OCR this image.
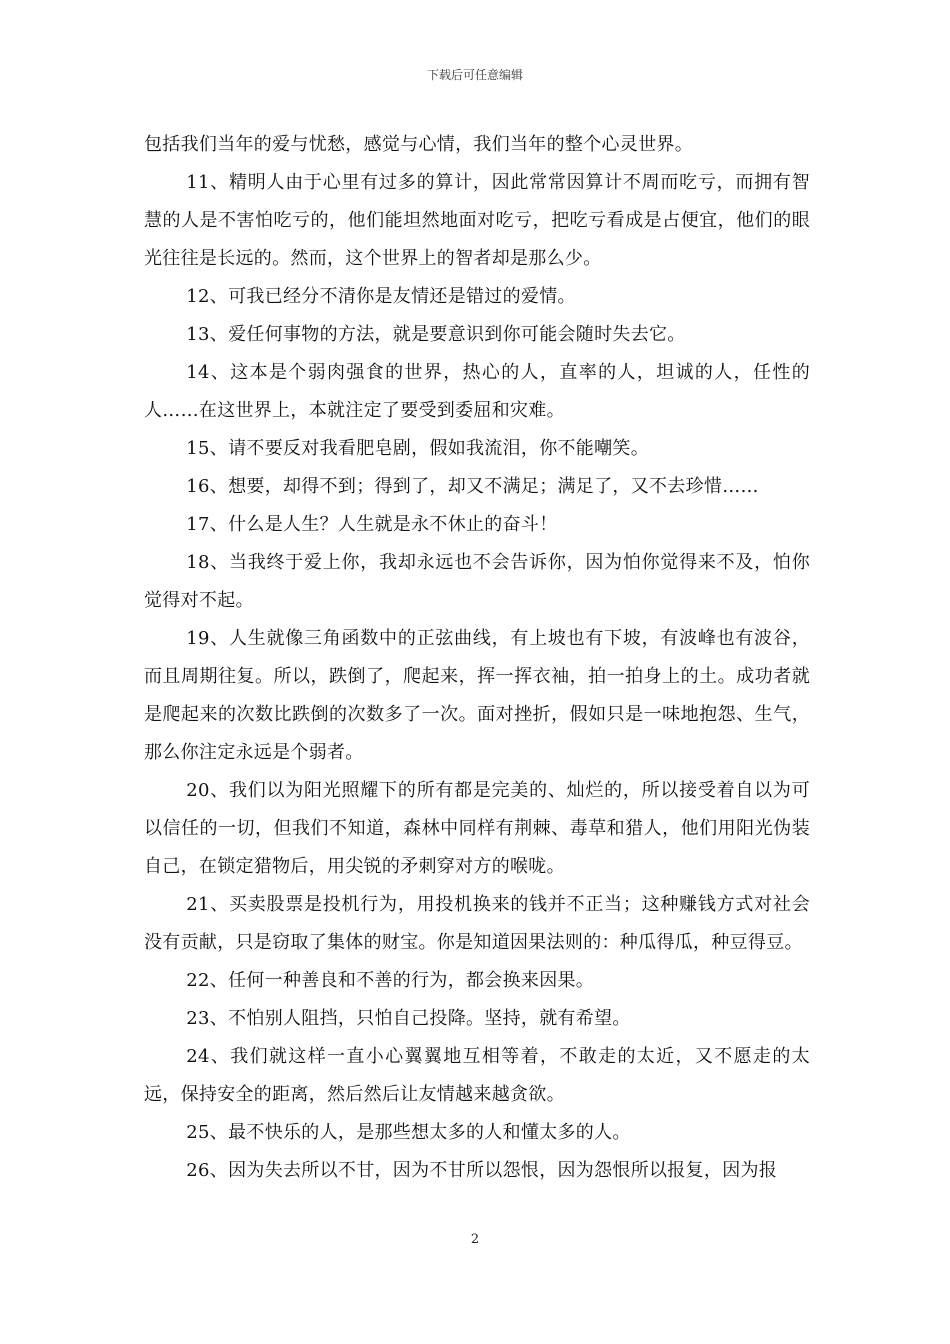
下载后可任意编辑

包括我们当年的爱与忧愁，感觉与心情，我们当年的整个心灵世界。

11、精明人由于心里有过多的算计，因此常常因算计不周而吃亏，而拥有智慧的人是不害怕吃亏的，他们能坦然地面对吃亏，把吃亏看成是占便宜，他们的眼光往往是长远的。然而，这个世界上的智者却是那么少。

12、可我已经分不清你是友情还是错过的爱情。

13、爱任何事物的方法，就是要意识到你可能会随时失去它。

14、这本是个弱肉强食的世界，热心的人，直率的人，坦诚的人，任性的人……在这世界上，本就注定了要受到委屈和灾难。

15、请不要反对我看肥皂剧，假如我流泪，你不能嘲笑。

16、想要，却得不到；得到了，却又不满足；满足了，又不去珍惜……

17、什么是人生？人生就是永不休止的奋斗！

18、当我终于爱上你，我却永远也不会告诉你，因为怕你觉得来不及，怕你觉得对不起。

19、人生就像三角函数中的正弦曲线，有上坡也有下坡，有波峰也有波谷，而且周期往复。所以，跌倒了，爬起来，挥一挥衣袖，拍一拍身上的土。成功者就是爬起来的次数比跌倒的次数多了一次。面对挫折，假如只是一味地抱怨、生气，那么你注定永远是个弱者。

20、我们以为阳光照耀下的所有都是完美的、灿烂的，所以接受着自以为可以信任的一切，但我们不知道，森林中同样有荆棘、毒草和猎人，他们用阳光伪装自己，在锁定猎物后，用尖锐的矛刺穿对方的喉咙。

21、买卖股票是投机行为，用投机换来的钱并不正当；这种赚钱方式对社会没有贡献，只是窃取了集体的财宝。你是知道因果法则的：种瓜得瓜，种豆得豆。

22、任何一种善良和不善的行为，都会换来因果。

23、不怕别人阻挡，只怕自己投降。坚持，就有希望。

24、我们就这样一直小心翼翼地互相等着，不敢走的太近，又不愿走的太远，保持安全的距离，然后然后让友情越来越贪欲。

25、最不快乐的人，是那些想太多的人和懂太多的人。

26、因为失去所以不甘，因为不甘所以怨恨，因为怨恨所以报复，因为报

2
